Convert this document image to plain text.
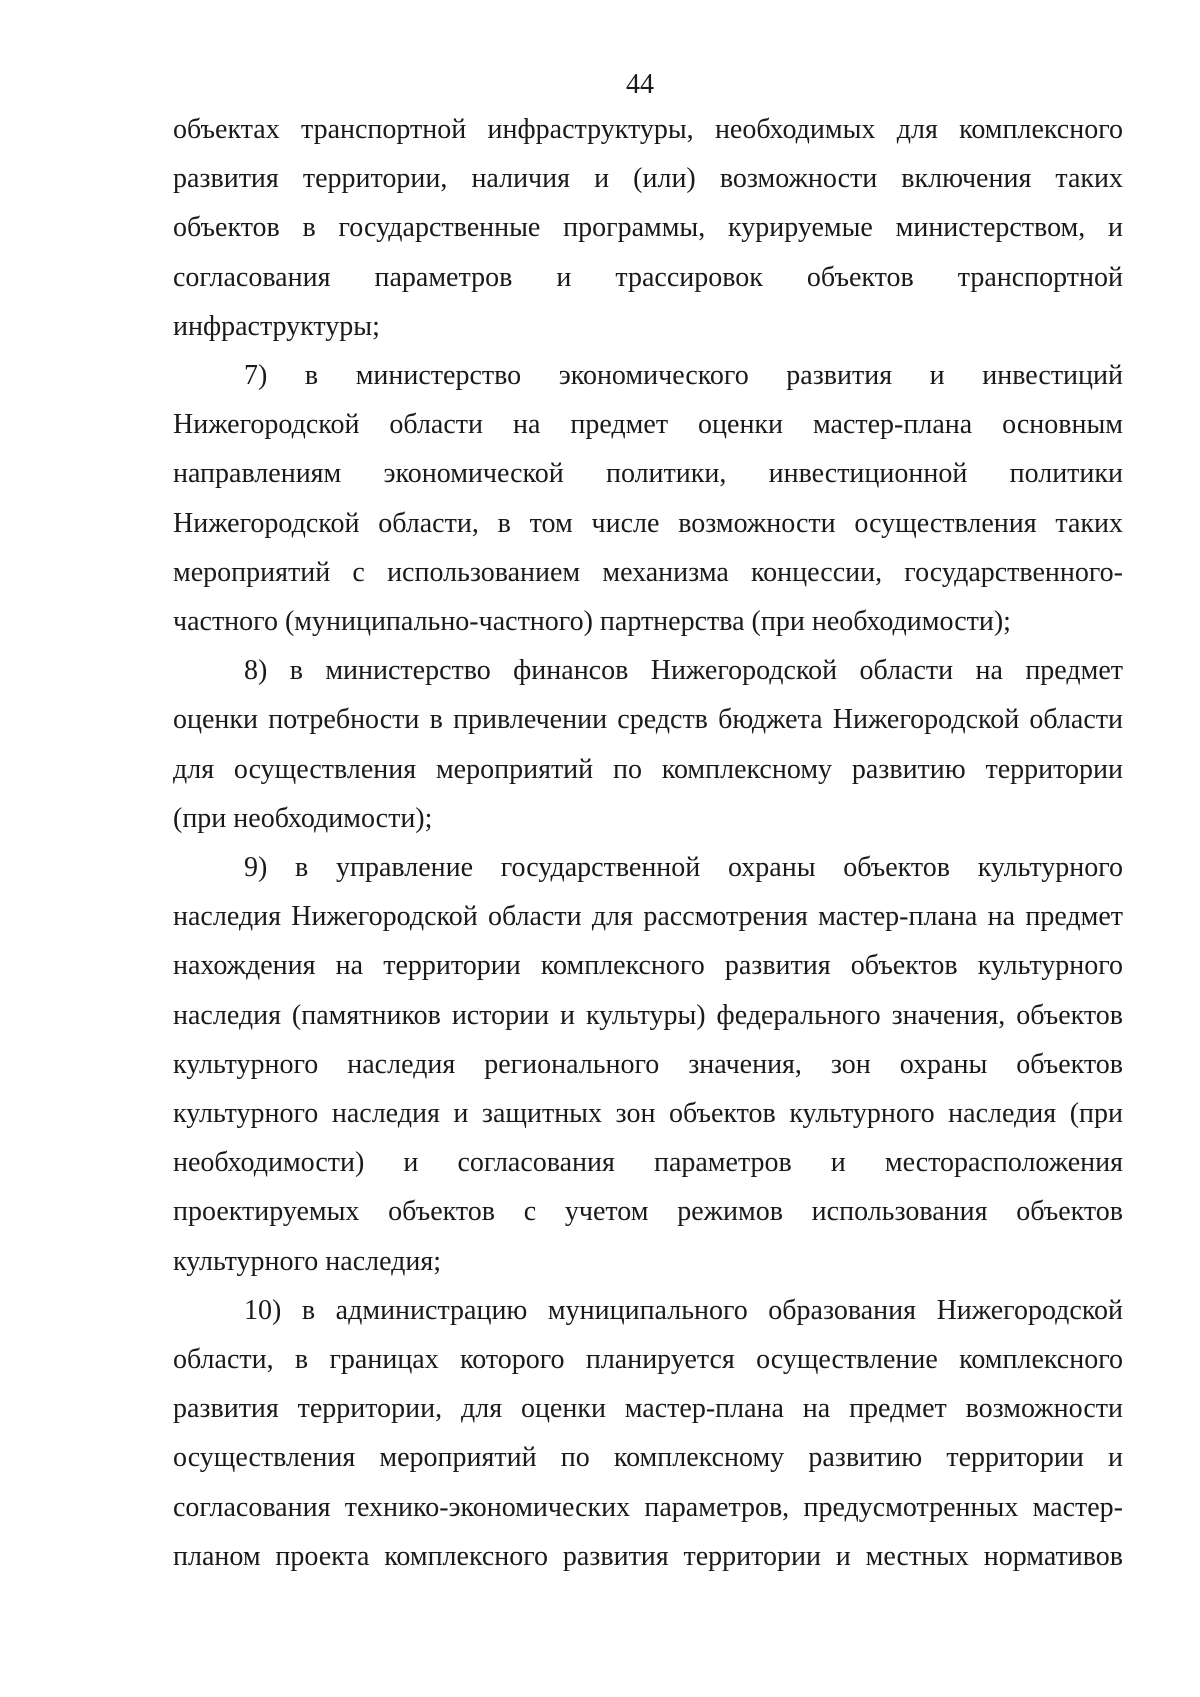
44
объектах транспортной инфраструктуры, необходимых для комплексного
развития территории, наличия и (или) возможности включения таких
объектов в государственные программы, курируемые министерством, и
согласования параметров и трассировок объектов транспортной
инфраструктуры;
7) в министерство экономического развития и инвестиций
Нижегородской области на предмет оценки мастер-плана основным
направлениям экономической политики, инвестиционной политики
Нижегородской области, в том числе возможности осуществления таких
мероприятий с использованием механизма концессии, государственного-
частного (муниципально-частного) партнерства (при необходимости);
8) в министерство финансов Нижегородской области на предмет
оценки потребности в привлечении средств бюджета Нижегородской области
для осуществления мероприятий по комплексному развитию территории
(при необходимости);
9) в управление государственной охраны объектов культурного
наследия Нижегородской области для рассмотрения мастер-плана на предмет
нахождения на территории комплексного развития объектов культурного
наследия (памятников истории и культуры) федерального значения, объектов
культурного наследия регионального значения, зон охраны объектов
культурного наследия и защитных зон объектов культурного наследия (при
необходимости) и согласования параметров и месторасположения
проектируемых объектов с учетом режимов использования объектов
культурного наследия;
10) в администрацию муниципального образования Нижегородской
области, в границах которого планируется осуществление комплексного
развития территории, для оценки мастер-плана на предмет возможности
осуществления мероприятий по комплексному развитию территории и
согласования технико-экономических параметров, предусмотренных мастер-
планом проекта комплексного развития территории и местных нормативов
